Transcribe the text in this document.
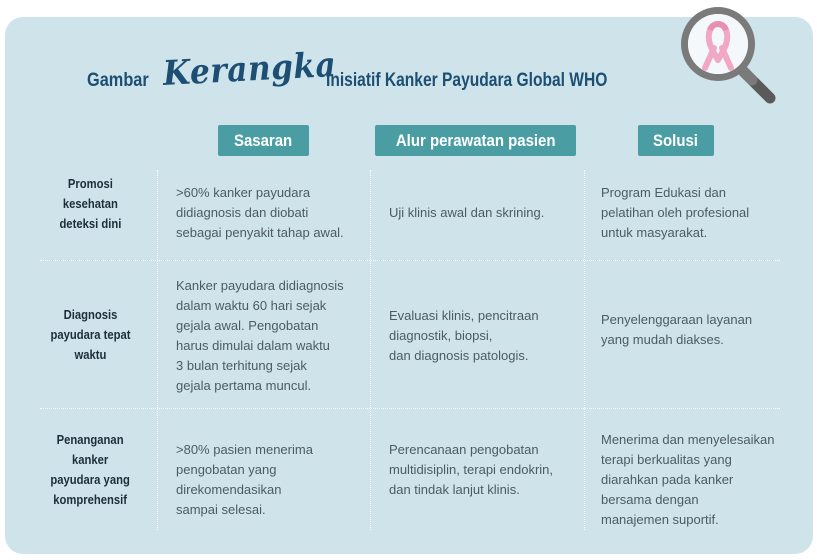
Gambar Kerangka
Inisiatif Kanker Payudara Global WHO
Sasaran	Alur perawatan pasien	Solusi
Promosi
kesehatan
deteksi dini
>60% kanker payudara
didiagnosis dan diobati
sebagai penyakit tahap awal.
Uji klinis awal dan skrining.
Program Edukasi dan
pelatihan oleh profesional
untuk masyarakat.
Diagnosis
payudara tepat
waktu
Kanker payudara didiagnosis
dalam waktu 60 hari sejak
gejala awal. Pengobatan
harus dimulai dalam waktu
3 bulan terhitung sejak
gejala pertama muncul.
Evaluasi klinis, pencitraan
diagnostik, biopsi,
dan diagnosis patologis.
Penyelenggaraan layanan
yang mudah diakses.
Penanganan
kanker
payudara yang
komprehensif
>80% pasien menerima
pengobatan yang
direkomendasikan
sampai selesai.
Perencanaan pengobatan
multidisiplin, terapi endokrin,
dan tindak lanjut klinis.
Menerima dan menyelesaikan
terapi berkualitas yang
diarahkan pada kanker
bersama dengan
manajemen suportif.
